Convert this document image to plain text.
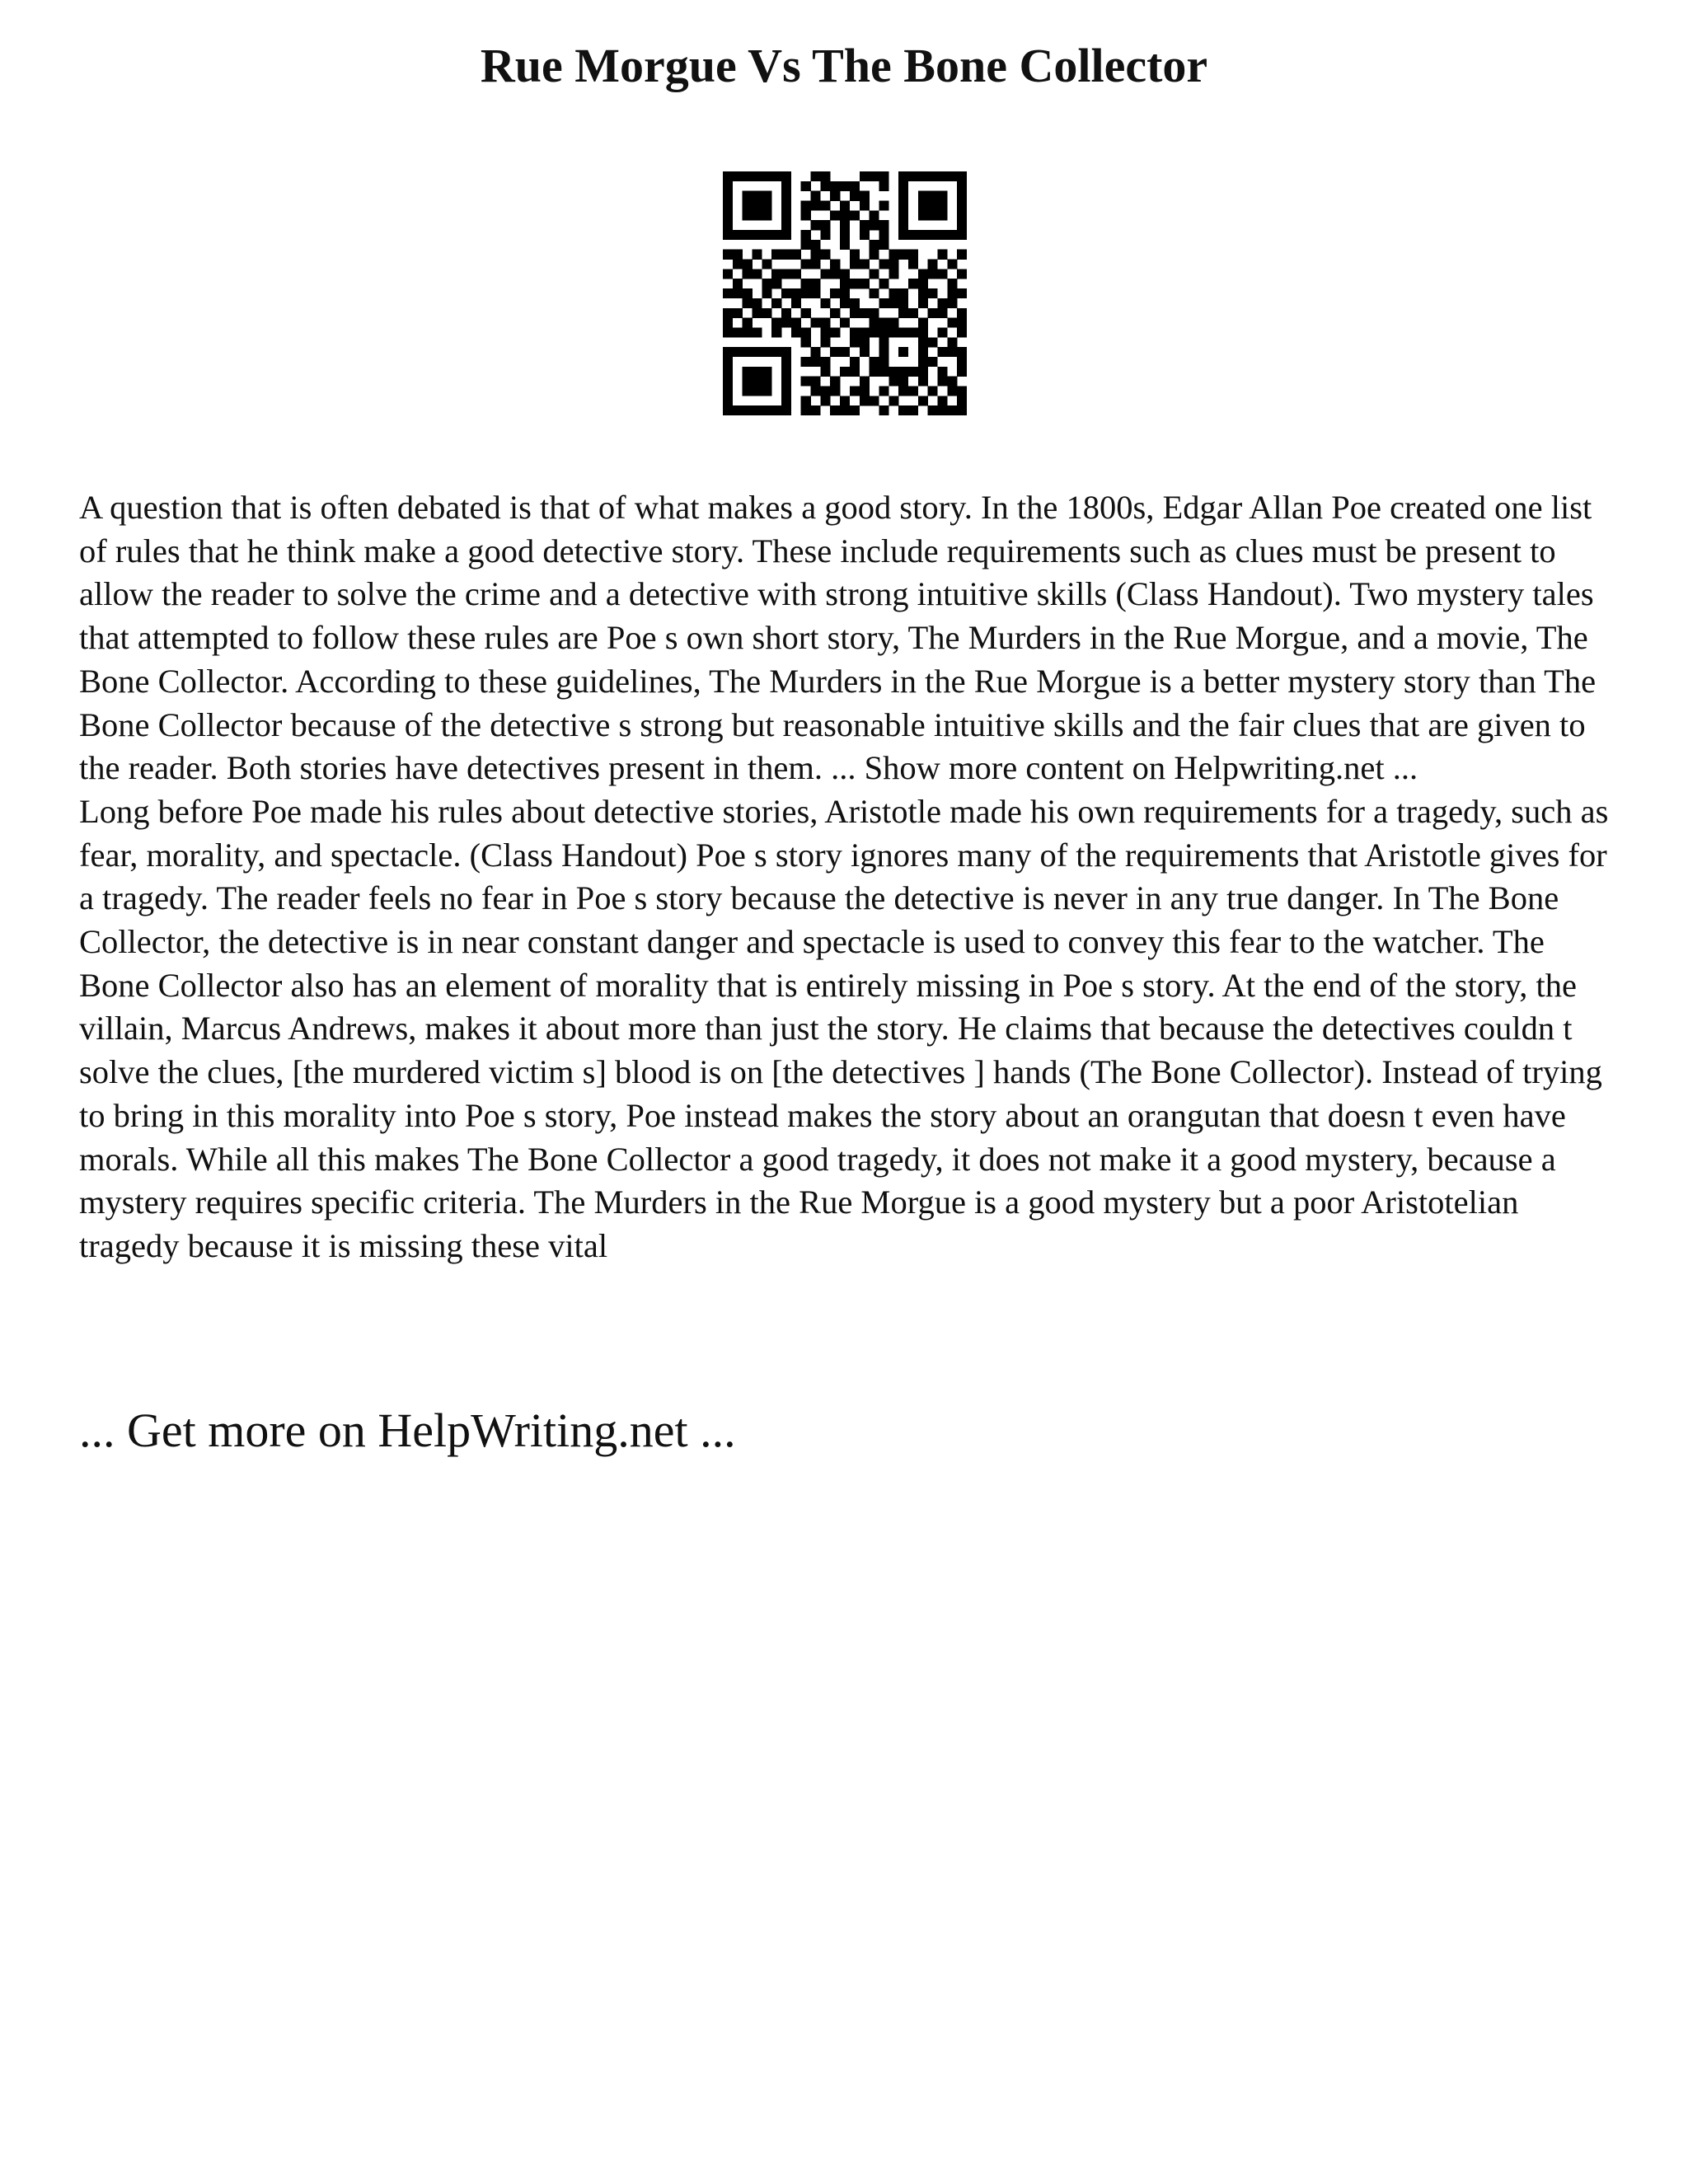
Rue Morgue Vs The Bone Collector

A question that is often debated is that of what makes a good story. In the 1800s, Edgar Allan Poe created one list of rules that he think make a good detective story. These include requirements such as clues must be present to allow the reader to solve the crime and a detective with strong intuitive skills (Class Handout). Two mystery tales that attempted to follow these rules are Poe s own short story, The Murders in the Rue Morgue, and a movie, The Bone Collector. According to these guidelines, The Murders in the Rue Morgue is a better mystery story than The Bone Collector because of the detective s strong but reasonable intuitive skills and the fair clues that are given to the reader. Both stories have detectives present in them. ... Show more content on Helpwriting.net ...

Long before Poe made his rules about detective stories, Aristotle made his own requirements for a tragedy, such as fear, morality, and spectacle. (Class Handout) Poe s story ignores many of the requirements that Aristotle gives for a tragedy. The reader feels no fear in Poe s story because the detective is never in any true danger. In The Bone Collector, the detective is in near constant danger and spectacle is used to convey this fear to the watcher. The Bone Collector also has an element of morality that is entirely missing in Poe s story. At the end of the story, the villain, Marcus Andrews, makes it about more than just the story. He claims that because the detectives couldn t solve the clues, [the murdered victim s] blood is on [the detectives ] hands (The Bone Collector). Instead of trying to bring in this morality into Poe s story, Poe instead makes the story about an orangutan that doesn t even have morals. While all this makes The Bone Collector a good tragedy, it does not make it a good mystery, because a mystery requires specific criteria. The Murders in the Rue Morgue is a good mystery but a poor Aristotelian tragedy because it is missing these vital

... Get more on HelpWriting.net ...
